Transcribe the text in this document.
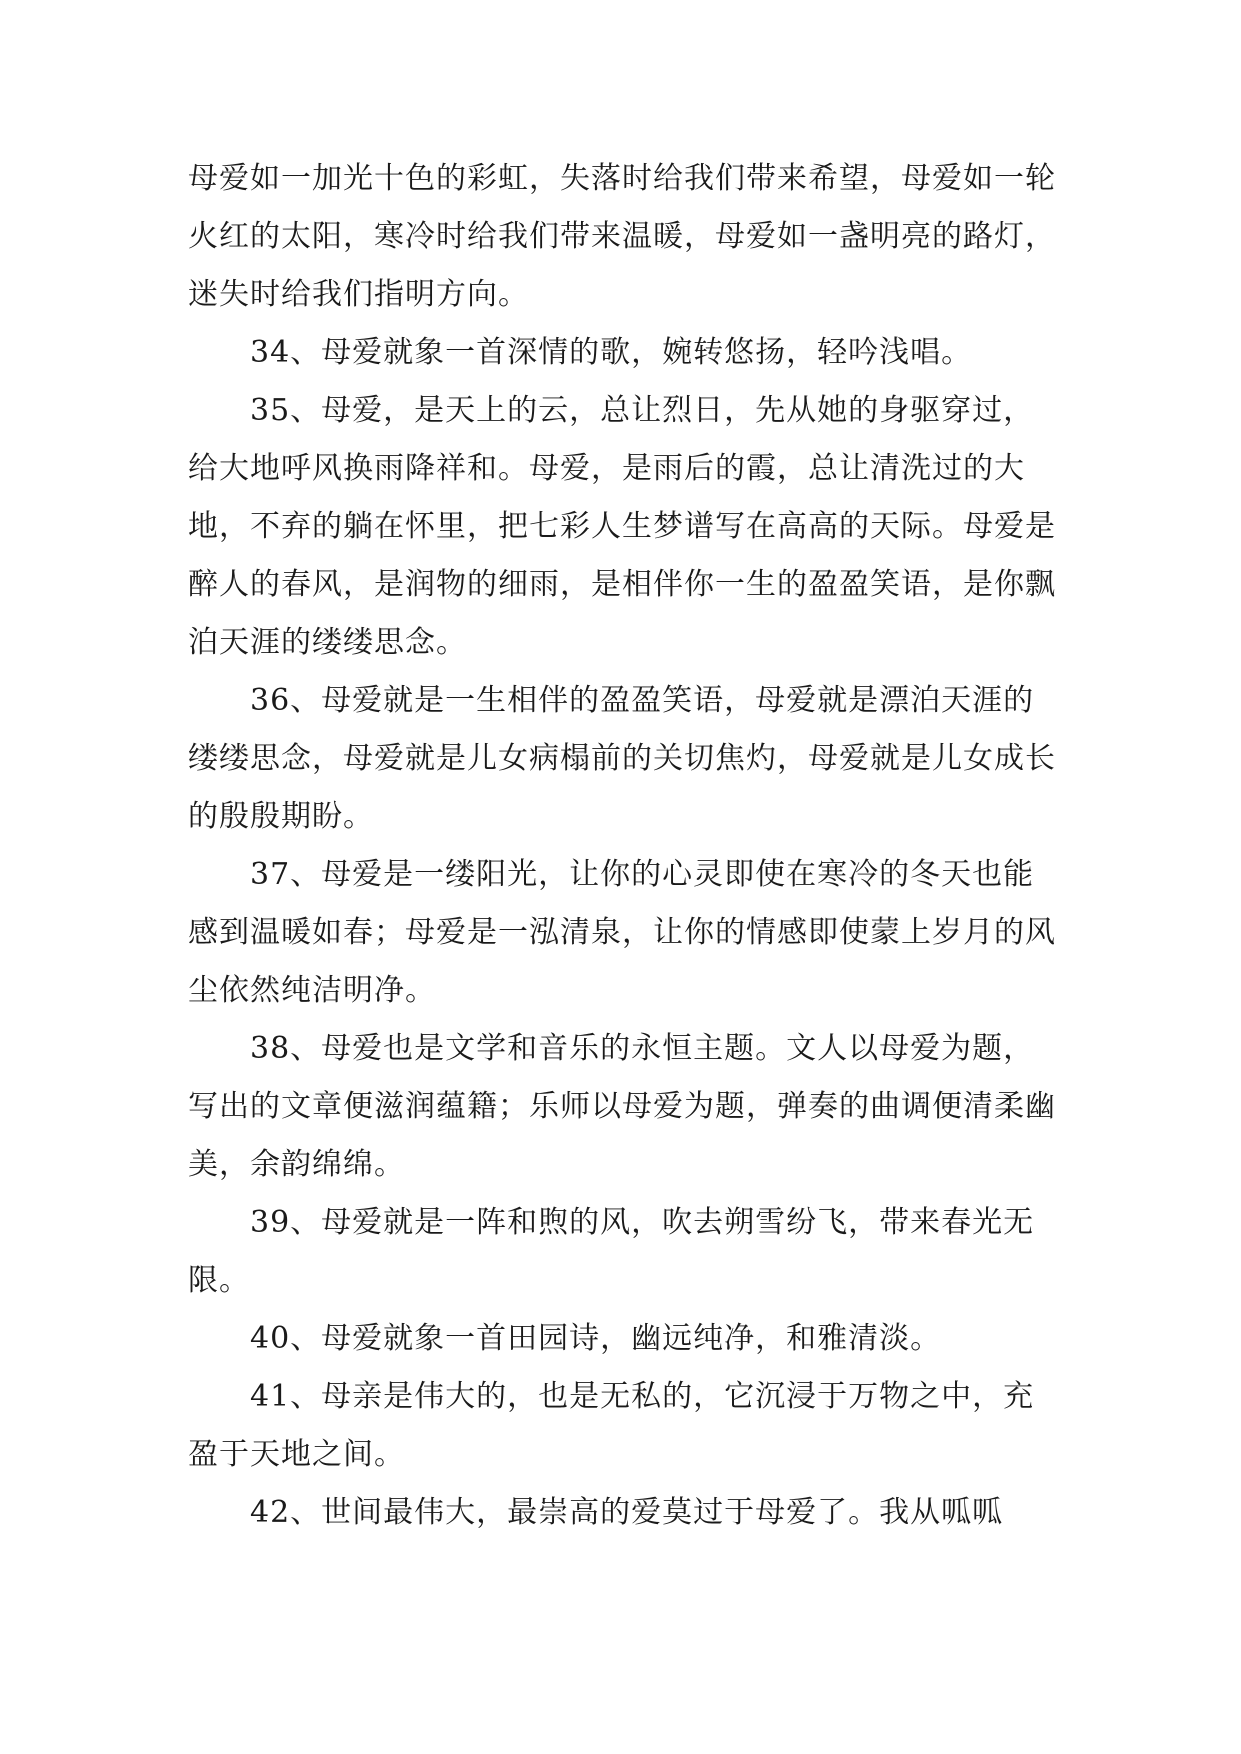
母爱如一加光十色的彩虹，失落时给我们带来希望，母爱如一轮火红的太阳，寒冷时给我们带来温暖，母爱如一盏明亮的路灯，迷失时给我们指明方向。

34、母爱就象一首深情的歌，婉转悠扬，轻吟浅唱。

35、母爱，是天上的云，总让烈日，先从她的身驱穿过，给大地呼风换雨降祥和。母爱，是雨后的霞，总让清洗过的大地，不弃的躺在怀里，把七彩人生梦谱写在高高的天际。母爱是醉人的春风，是润物的细雨，是相伴你一生的盈盈笑语，是你飘泊天涯的缕缕思念。

36、母爱就是一生相伴的盈盈笑语，母爱就是漂泊天涯的缕缕思念，母爱就是儿女病榻前的关切焦灼，母爱就是儿女成长的殷殷期盼。

37、母爱是一缕阳光，让你的心灵即使在寒冷的冬天也能感到温暖如春；母爱是一泓清泉，让你的情感即使蒙上岁月的风尘依然纯洁明净。

38、母爱也是文学和音乐的永恒主题。文人以母爱为题，写出的文章便滋润蕴籍；乐师以母爱为题，弹奏的曲调便清柔幽美，余韵绵绵。

39、母爱就是一阵和煦的风，吹去朔雪纷飞，带来春光无限。

40、母爱就象一首田园诗，幽远纯净，和雅清淡。

41、母亲是伟大的，也是无私的，它沉浸于万物之中，充盈于天地之间。

42、世间最伟大，最崇高的爱莫过于母爱了。我从呱呱
